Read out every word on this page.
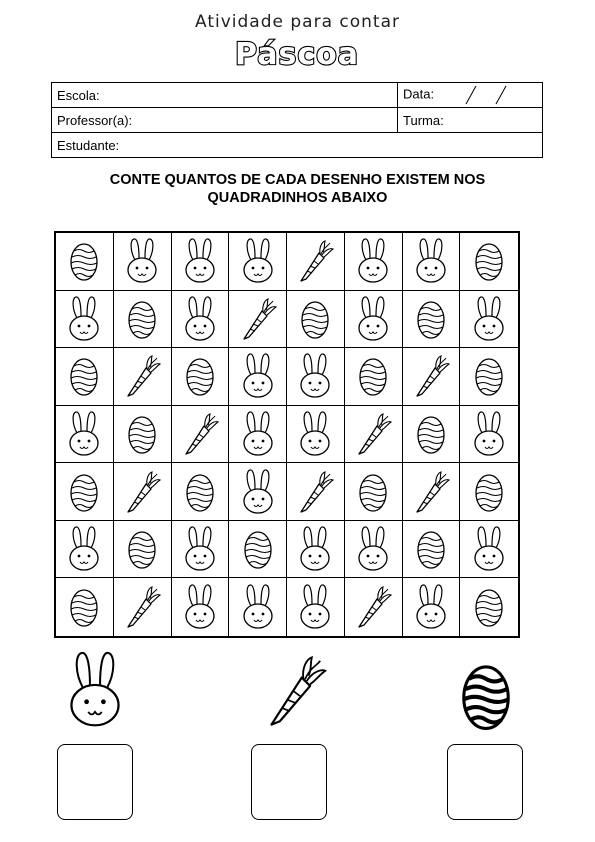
Atividade para contar
Páscoa
Escola:	Data:
Professor(a):	Turma:
Estudante:	
CONTE QUANTOS DE CADA DESENHO EXISTEM NOS
QUADRADINHOS ABAIXO
